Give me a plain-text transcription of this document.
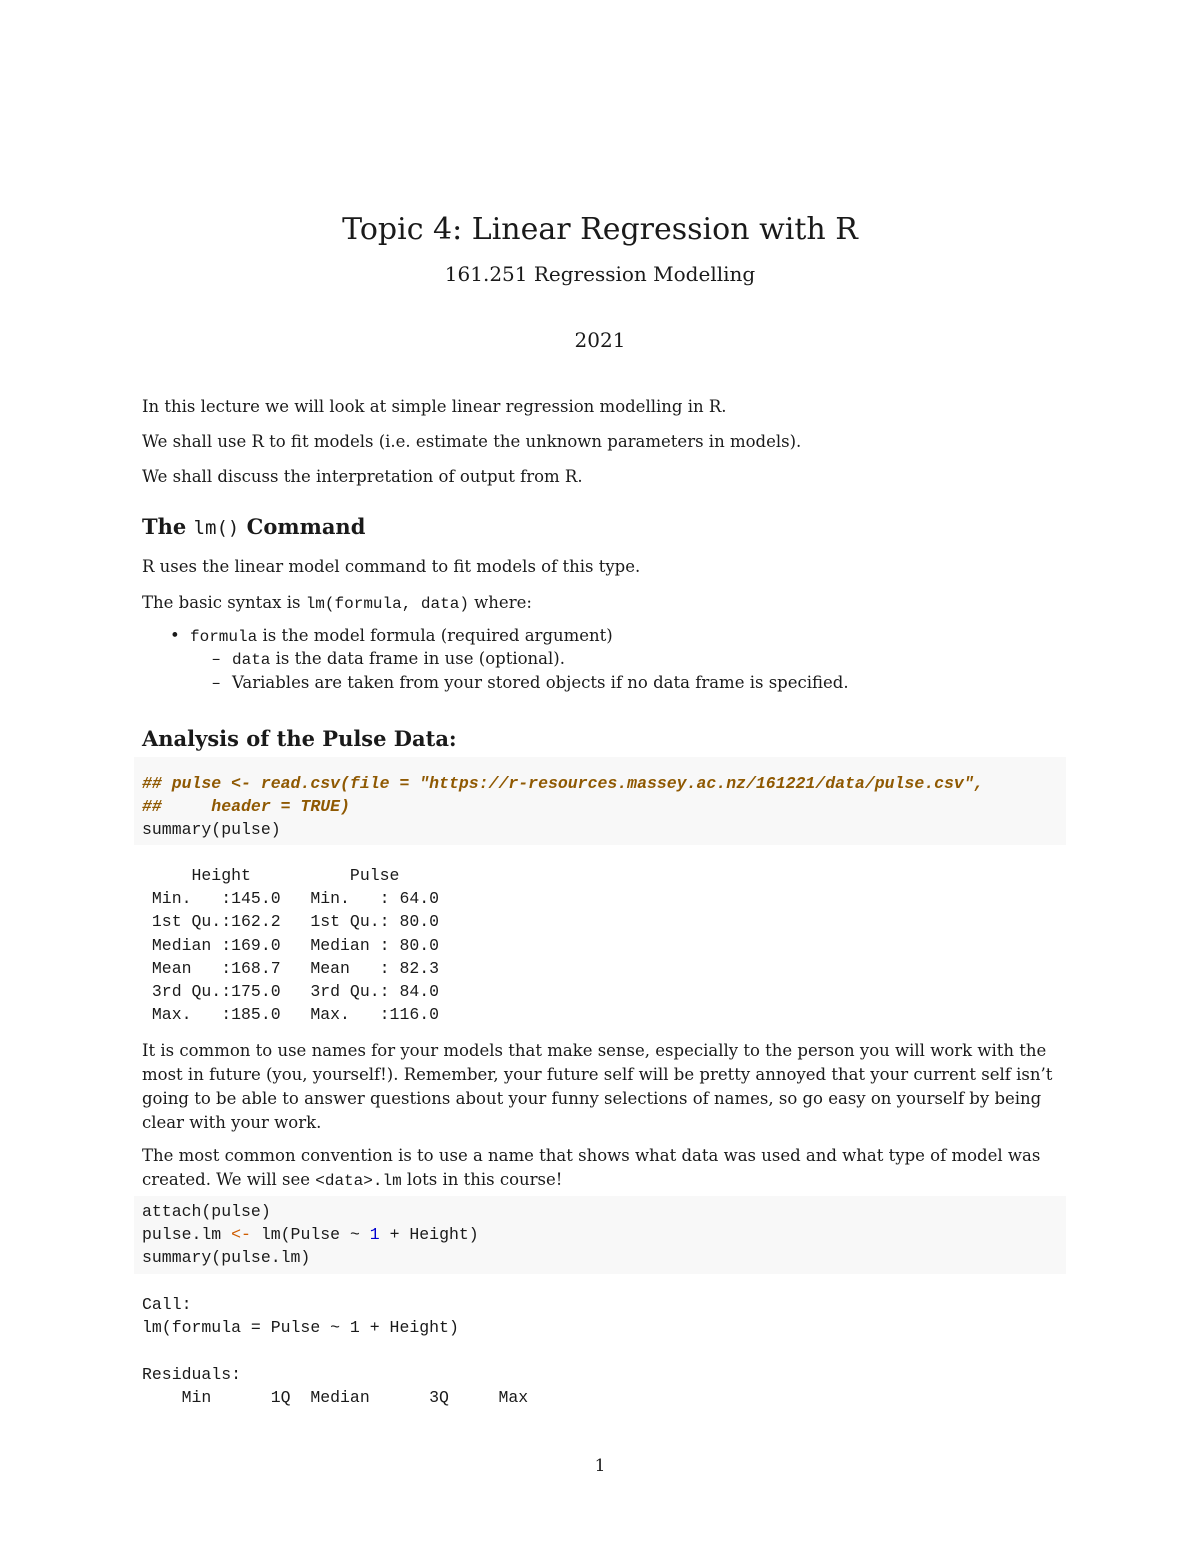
Topic 4: Linear Regression with R
161.251 Regression Modelling
2021
In this lecture we will look at simple linear regression modelling in R.
We shall use R to fit models (i.e. estimate the unknown parameters in models).
We shall discuss the interpretation of output from R.
The lm() Command
R uses the linear model command to fit models of this type.
The basic syntax is lm(formula, data) where:
• formula is the model formula (required argument)
– data is the data frame in use (optional).
– Variables are taken from your stored objects if no data frame is specified.
Analysis of the Pulse Data:
## pulse <- read.csv(file = "https://r-resources.massey.ac.nz/161221/data/pulse.csv",
##     header = TRUE)
summary(pulse)
Height          Pulse
Min.   :145.0   Min.   : 64.0
1st Qu.:162.2   1st Qu.: 80.0
Median :169.0   Median : 80.0
Mean   :168.7   Mean   : 82.3
3rd Qu.:175.0   3rd Qu.: 84.0
Max.   :185.0   Max.   :116.0
It is common to use names for your models that make sense, especially to the person you will work with the most in future (you, yourself!). Remember, your future self will be pretty annoyed that your current self isn’t going to be able to answer questions about your funny selections of names, so go easy on yourself by being clear with your work.
The most common convention is to use a name that shows what data was used and what type of model was created. We will see <data>.lm lots in this course!
attach(pulse)
pulse.lm <- lm(Pulse ~ 1 + Height)
summary(pulse.lm)
Call:
lm(formula = Pulse ~ 1 + Height)
Residuals:
Min      1Q  Median      3Q     Max
1
